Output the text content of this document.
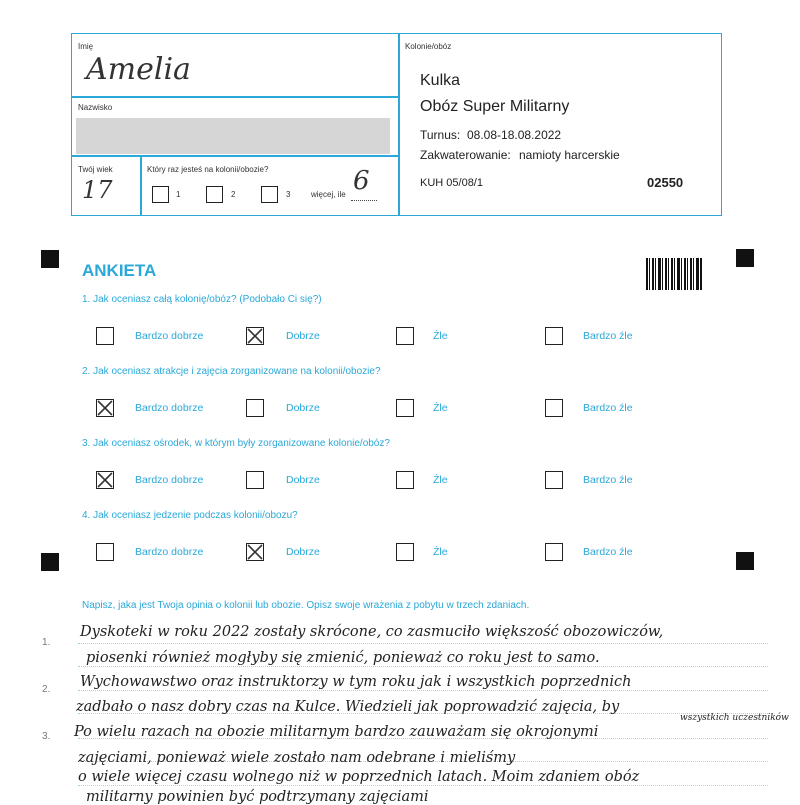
Imię
Amelia
Nazwisko
Twój wiek
17
Który raz jesteś na kolonii/obozie?
1	2	3	więcej, ile 6
Kolonie/obóz
Kulka
Obóz Super Militarny
Turnus: 08.08-18.08.2022
Zakwaterowanie: namioty harcerskie
KUH 05/08/1	02550
ANKIETA
1. Jak oceniasz całą kolonię/obóz? (Podobało Ci się?)
Bardzo dobrze	Dobrze	Źle	Bardzo źle
2. Jak oceniasz atrakcje i zajęcia zorganizowane na kolonii/obozie?
Bardzo dobrze	Dobrze	Źle	Bardzo źle
3. Jak oceniasz ośrodek, w którym były zorganizowane kolonie/obóz?
Bardzo dobrze	Dobrze	Źle	Bardzo źle
4. Jak oceniasz jedzenie podczas kolonii/obozu?
Bardzo dobrze	Dobrze	Źle	Bardzo źle
Napisz, jaka jest Twoja opinia o kolonii lub obozie. Opisz swoje wrażenia z pobytu w trzech zdaniach.
1.
2.
3.
Dyskoteki w roku 2022 zostały skrócone, co zasmuciło większość obozowiczów,
piosenki również mogłyby się zmienić, ponieważ co roku jest to samo.
Wychowawstwo oraz instruktorzy w tym roku jak i wszystkich poprzednich
zadbało o nasz dobry czas na Kulce. Wiedzieli jak poprowadzić zajęcia, by
Po wielu razach na obozie militarnym bardzo zauważam się okrojonymi
zajęciami, ponieważ wiele zostało nam odebrane i mieliśmy
o wiele więcej czasu wolnego niż w poprzednich latach. Moim zdaniem obóz
militarny powinien być podtrzymany zajęciami
wszystkich uczestników
